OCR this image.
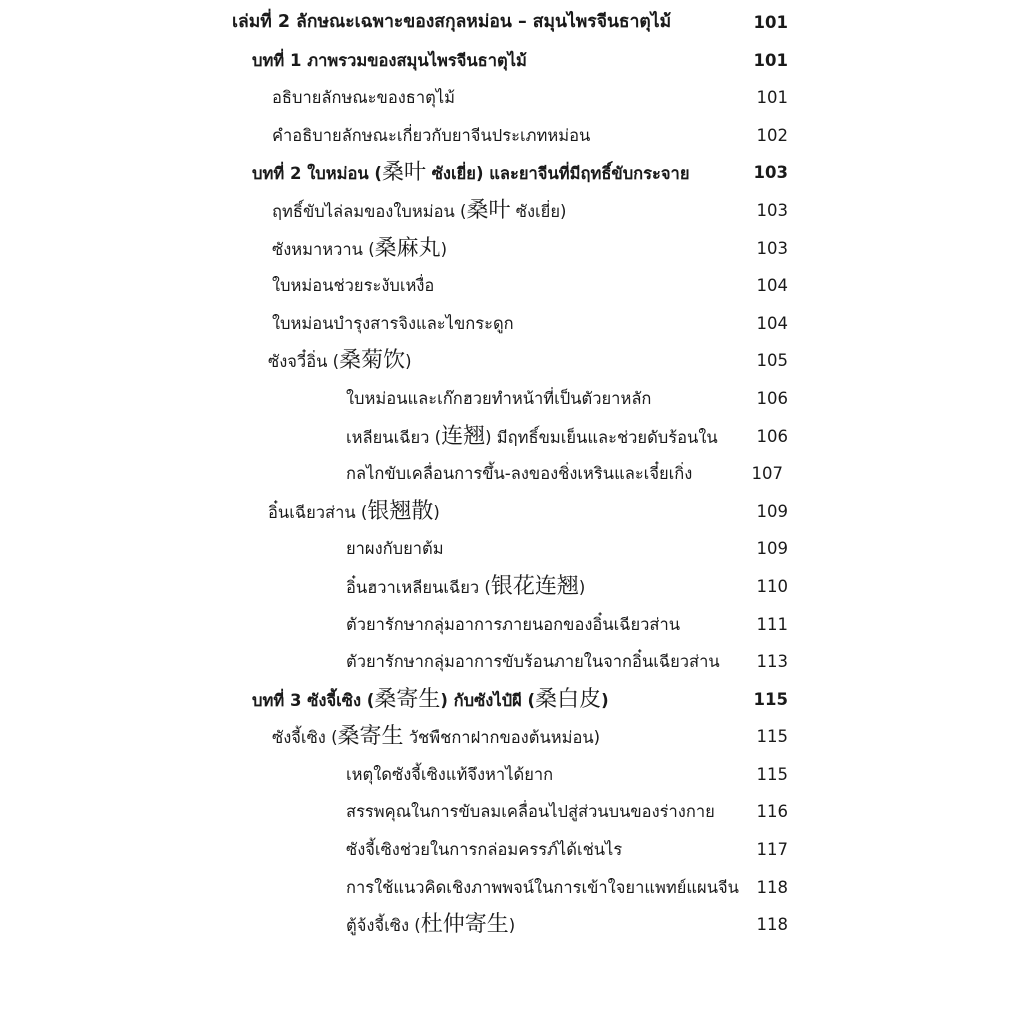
เล่มที่ 2 ลักษณะเฉพาะของสกุลหม่อน – สมุนไพรจีนธาตุไม้	101
บทที่ 1 ภาพรวมของสมุนไพรจีนธาตุไม้	101
อธิบายลักษณะของธาตุไม้	101
คำอธิบายลักษณะเกี่ยวกับยาจีนประเภทหม่อน	102
บทที่ 2 ใบหม่อน (桑叶 ซังเยี่ย) และยาจีนที่มีฤทธิ์ขับกระจาย	103
ฤทธิ์ขับไล่ลมของใบหม่อน (桑叶 ซังเยี่ย)	103
ซังหมาหวาน (桑麻丸)	103
ใบหม่อนช่วยระงับเหงื่อ	104
ใบหม่อนบำรุงสารจิงและไขกระดูก	104
ซังจวี๋อิ่น (桑菊饮)	105
ใบหม่อนและเก๊กฮวยทำหน้าที่เป็นตัวยาหลัก	106
เหลียนเฉียว (连翘) มีฤทธิ์ขมเย็นและช่วยดับร้อนใน	106
กลไกขับเคลื่อนการขึ้น-ลงของชิ่งเหรินและเจี๋ยเกิ่ง	107
อิ๋นเฉียวส่าน (银翘散)	109
ยาผงกับยาต้ม	109
อิ๋นฮวาเหลียนเฉียว (银花连翘)	110
ตัวยารักษากลุ่มอาการภายนอกของอิ๋นเฉียวส่าน	111
ตัวยารักษากลุ่มอาการขับร้อนภายในจากอิ๋นเฉียวส่าน	113
บทที่ 3 ซังจี้เซิง (桑寄生) กับซังไป๋ผี (桑白皮)	115
ซังจี้เซิง (桑寄生 วัชพืชกาฝากของต้นหม่อน)	115
เหตุใดซังจี้เซิงแท้จึงหาได้ยาก	115
สรรพคุณในการขับลมเคลื่อนไปสู่ส่วนบนของร่างกาย	116
ซังจี้เซิงช่วยในการกล่อมครรภ์ได้เช่นไร	117
การใช้แนวคิดเชิงภาพพจน์ในการเข้าใจยาแพทย์แผนจีน	118
ตู้จ้งจี้เซิง (杜仲寄生)	118
